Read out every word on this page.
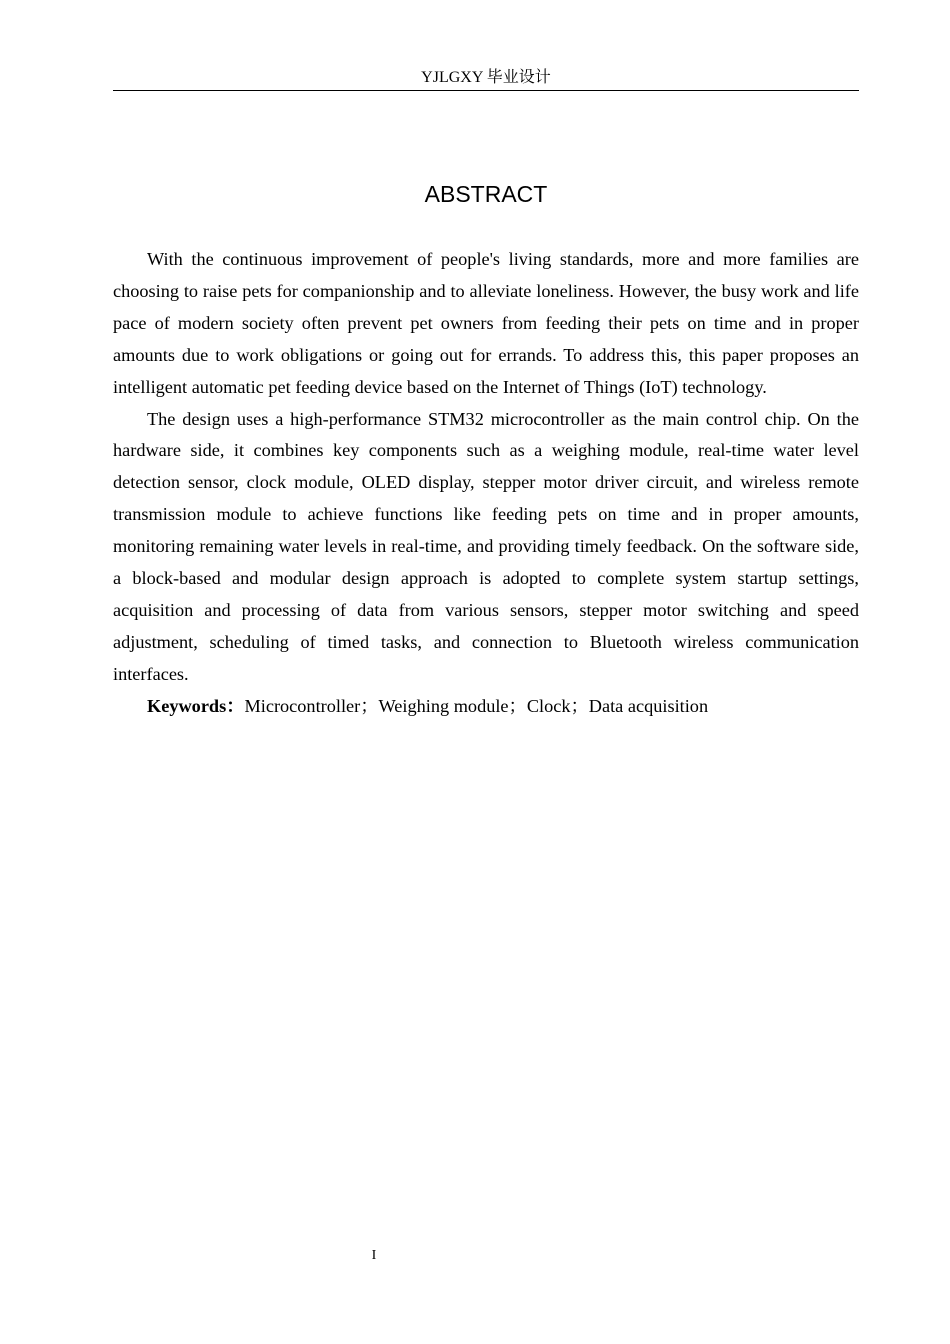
YJLGXY 毕业设计
ABSTRACT

With the continuous improvement of people's living standards, more and more families are choosing to raise pets for companionship and to alleviate loneliness. However, the busy work and life pace of modern society often prevent pet owners from feeding their pets on time and in proper amounts due to work obligations or going out for errands. To address this, this paper proposes an intelligent automatic pet feeding device based on the Internet of Things (IoT) technology.

The design uses a high-performance STM32 microcontroller as the main control chip. On the hardware side, it combines key components such as a weighing module, real-time water level detection sensor, clock module, OLED display, stepper motor driver circuit, and wireless remote transmission module to achieve functions like feeding pets on time and in proper amounts, monitoring remaining water levels in real-time, and providing timely feedback. On the software side, a block-based and modular design approach is adopted to complete system startup settings, acquisition and processing of data from various sensors, stepper motor switching and speed adjustment, scheduling of timed tasks, and connection to Bluetooth wireless communication interfaces.

Keywords：Microcontroller；Weighing module；Clock；Data acquisition

I
